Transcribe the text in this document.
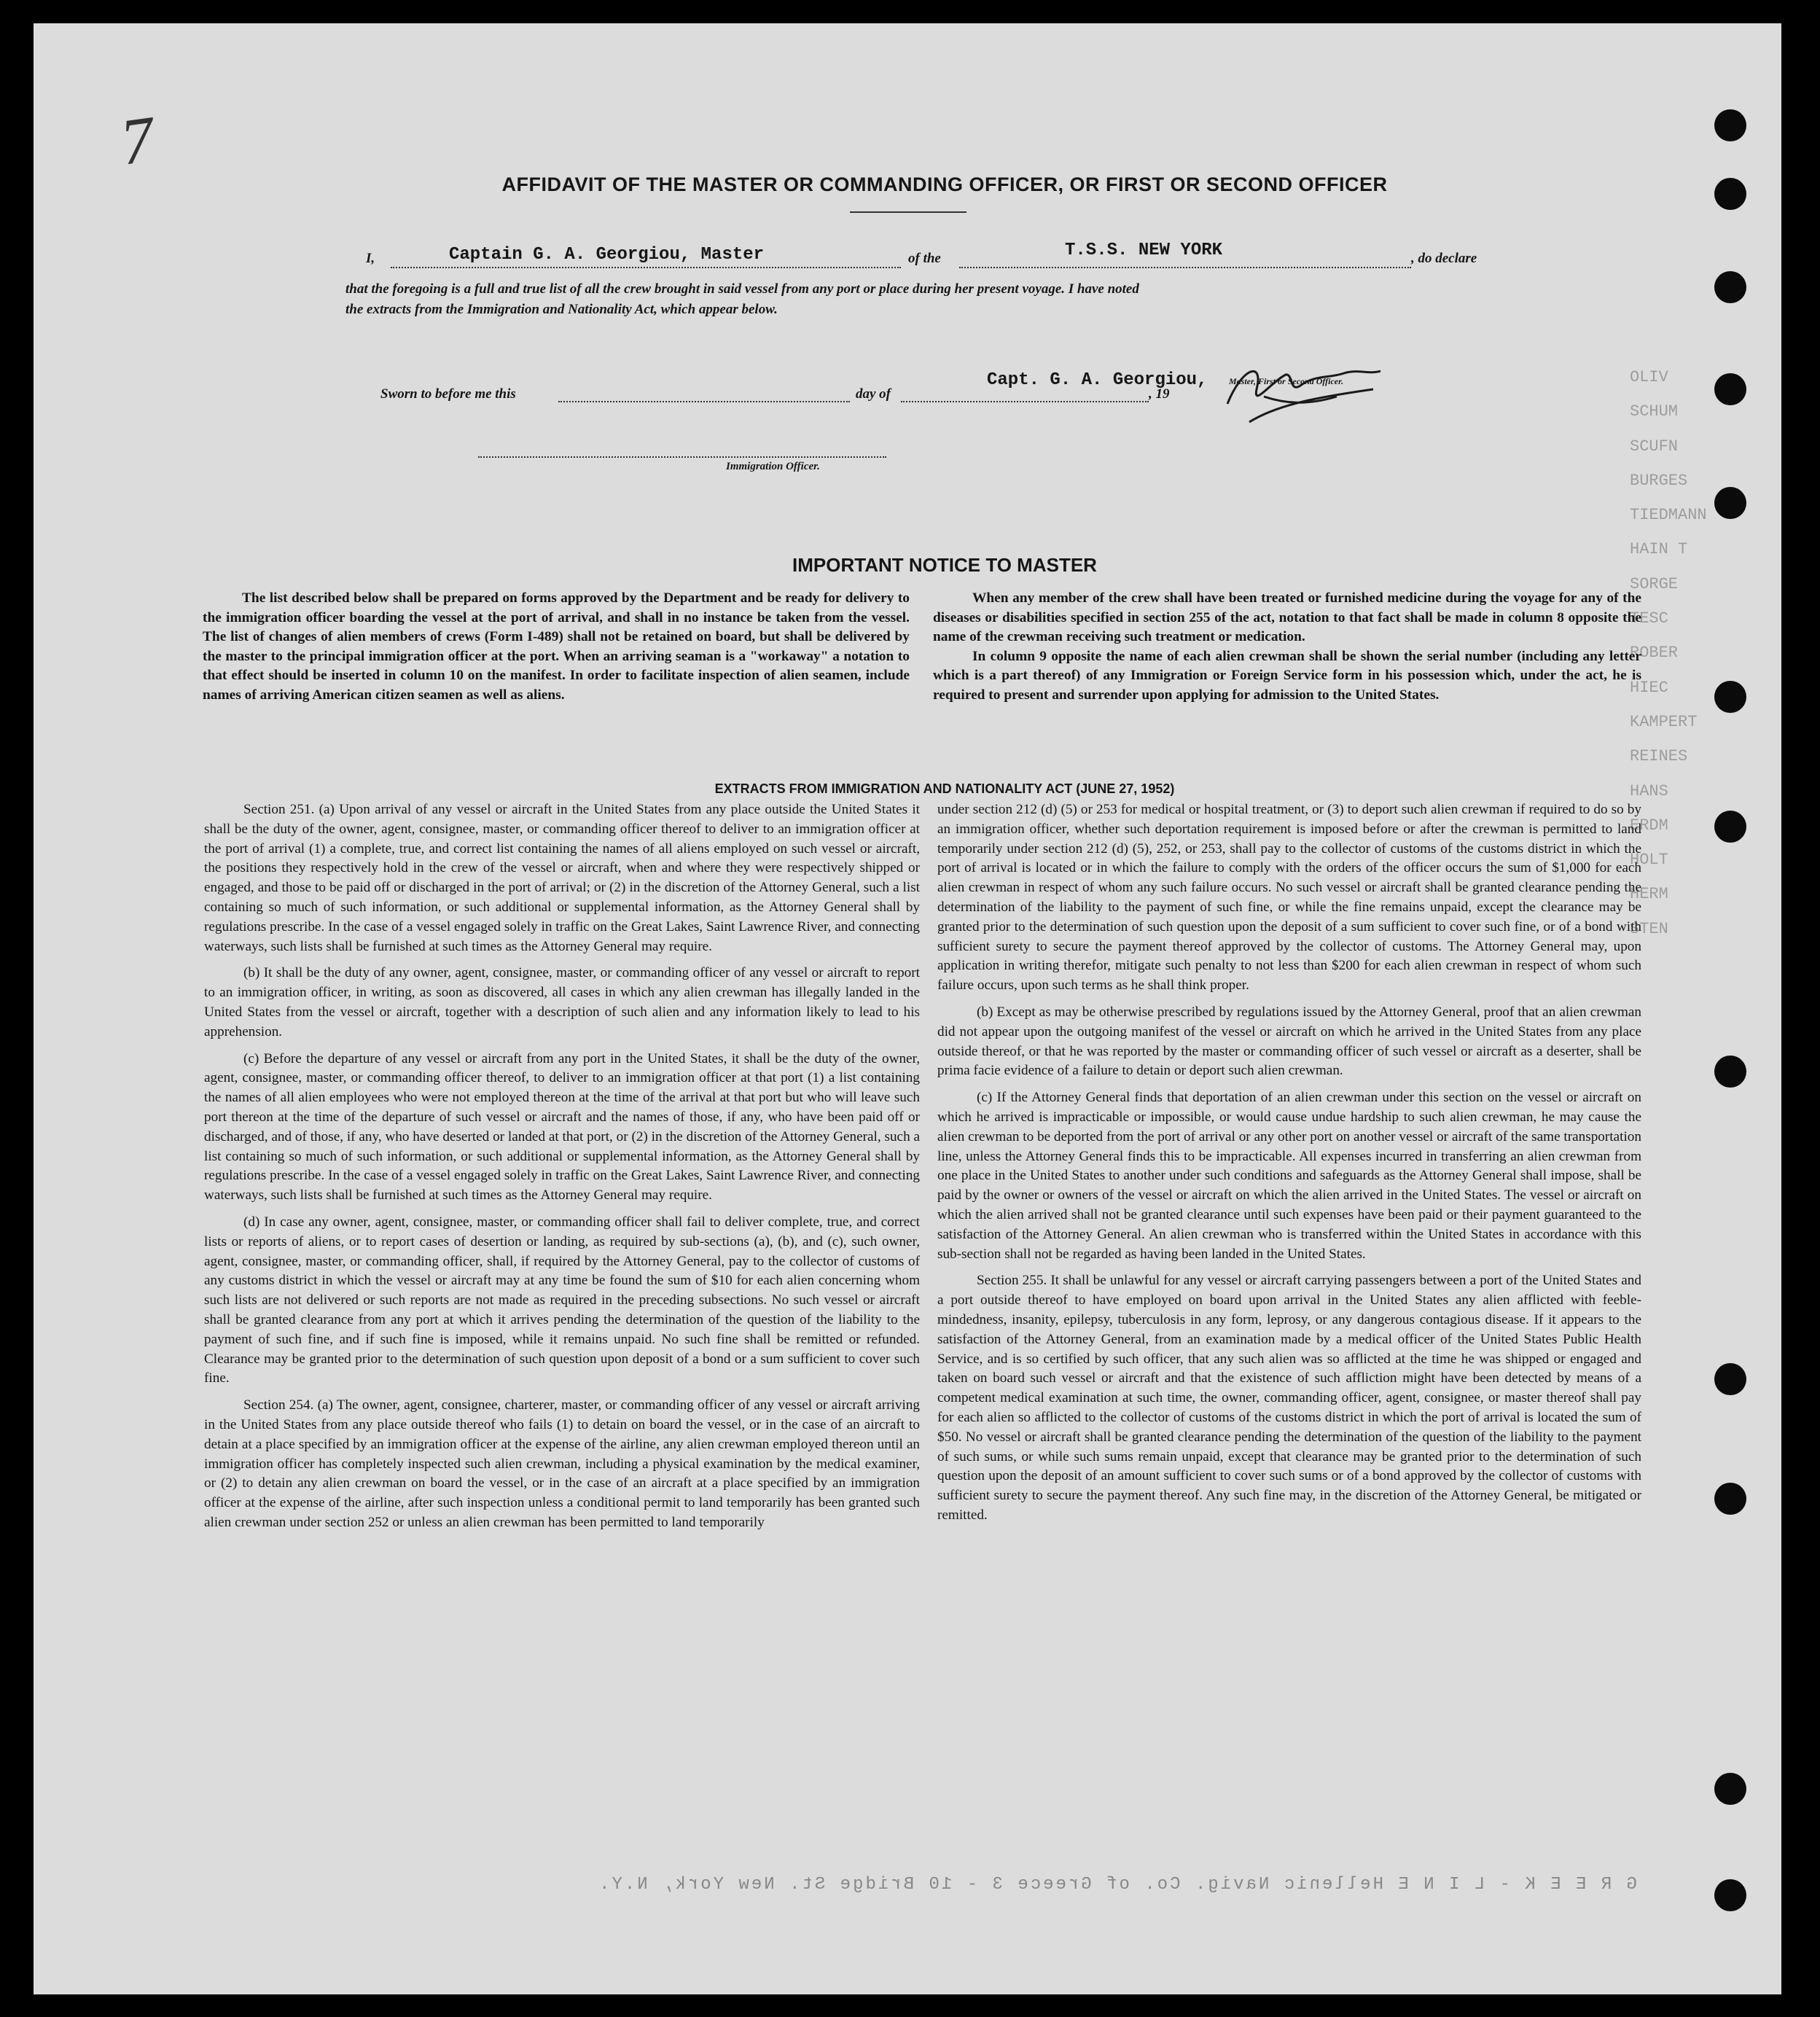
7
OLIV
SCHUM
SCUFN
BURGES
TIEDMANN
HAIN T
SORGE
TESC
ROBER
HIEC
KAMPERT
REINES
HANS
ERDM
HOLT
HERM
STEN
AFFIDAVIT OF THE MASTER OR COMMANDING OFFICER, OR FIRST OR SECOND OFFICER
I,	Captain G. A. Georgiou, Master	of the	T.S.S. NEW YORK	, do declare
that the foregoing is a full and true list of all the crew brought in said vessel from any port or place during her present voyage. I have noted
the extracts from the Immigration and Nationality Act, which appear below.
Sworn to before me this	day of	, 19
Capt. G. A. Georgiou, Master, First or Second Officer.
Immigration Officer.
IMPORTANT NOTICE TO MASTER

The list described below shall be prepared on forms approved by the Department and be ready for delivery to the immigration officer boarding the vessel at the port of arrival, and shall in no instance be taken from the vessel. The list of changes of alien members of crews (Form I-489) shall not be retained on board, but shall be delivered by the master to the principal immigration officer at the port. When an arriving seaman is a "workaway" a notation to that effect should be inserted in column 10 on the manifest. In order to facilitate inspection of alien seamen, include names of arriving American citizen seamen as well as aliens.

When any member of the crew shall have been treated or furnished medicine during the voyage for any of the diseases or disabilities specified in section 255 of the act, notation to that fact shall be made in column 8 opposite the name of the crewman receiving such treatment or medication.

In column 9 opposite the name of each alien crewman shall be shown the serial number (including any letter which is a part thereof) of any Immigration or Foreign Service form in his possession which, under the act, he is required to present and surrender upon applying for admission to the United States.

EXTRACTS FROM IMMIGRATION AND NATIONALITY ACT (JUNE 27, 1952)

Section 251. (a) Upon arrival of any vessel or aircraft in the United States from any place outside the United States it shall be the duty of the owner, agent, consignee, master, or commanding officer thereof to deliver to an immigration officer at the port of arrival (1) a complete, true, and correct list containing the names of all aliens employed on such vessel or aircraft, the positions they respectively hold in the crew of the vessel or aircraft, when and where they were respectively shipped or engaged, and those to be paid off or discharged in the port of arrival; or (2) in the discretion of the Attorney General, such a list containing so much of such information, or such additional or supplemental information, as the Attorney General shall by regulations prescribe. In the case of a vessel engaged solely in traffic on the Great Lakes, Saint Lawrence River, and connecting waterways, such lists shall be furnished at such times as the Attorney General may require.

(b) It shall be the duty of any owner, agent, consignee, master, or commanding officer of any vessel or aircraft to report to an immigration officer, in writing, as soon as discovered, all cases in which any alien crewman has illegally landed in the United States from the vessel or aircraft, together with a description of such alien and any information likely to lead to his apprehension.

(c) Before the departure of any vessel or aircraft from any port in the United States, it shall be the duty of the owner, agent, consignee, master, or commanding officer thereof, to deliver to an immigration officer at that port (1) a list containing the names of all alien employees who were not employed thereon at the time of the arrival at that port but who will leave such port thereon at the time of the departure of such vessel or aircraft and the names of those, if any, who have been paid off or discharged, and of those, if any, who have deserted or landed at that port, or (2) in the discretion of the Attorney General, such a list containing so much of such information, or such additional or supplemental information, as the Attorney General shall by regulations prescribe. In the case of a vessel engaged solely in traffic on the Great Lakes, Saint Lawrence River, and connecting waterways, such lists shall be furnished at such times as the Attorney General may require.

(d) In case any owner, agent, consignee, master, or commanding officer shall fail to deliver complete, true, and correct lists or reports of aliens, or to report cases of desertion or landing, as required by sub-sections (a), (b), and (c), such owner, agent, consignee, master, or commanding officer, shall, if required by the Attorney General, pay to the collector of customs of any customs district in which the vessel or aircraft may at any time be found the sum of $10 for each alien concerning whom such lists are not delivered or such reports are not made as required in the preceding subsections. No such vessel or aircraft shall be granted clearance from any port at which it arrives pending the determination of the question of the liability to the payment of such fine, and if such fine is imposed, while it remains unpaid. No such fine shall be remitted or refunded. Clearance may be granted prior to the determination of such question upon deposit of a bond or a sum sufficient to cover such fine.

Section 254. (a) The owner, agent, consignee, charterer, master, or commanding officer of any vessel or aircraft arriving in the United States from any place outside thereof who fails (1) to detain on board the vessel, or in the case of an aircraft to detain at a place specified by an immigration officer at the expense of the airline, any alien crewman employed thereon until an immigration officer has completely inspected such alien crewman, including a physical examination by the medical examiner, or (2) to detain any alien crewman on board the vessel, or in the case of an aircraft at a place specified by an immigration officer at the expense of the airline, after such inspection unless a conditional permit to land temporarily has been granted such alien crewman under section 252 or unless an alien crewman has been permitted to land temporarily

under section 212 (d) (5) or 253 for medical or hospital treatment, or (3) to deport such alien crewman if required to do so by an immigration officer, whether such deportation requirement is imposed before or after the crewman is permitted to land temporarily under section 212 (d) (5), 252, or 253, shall pay to the collector of customs of the customs district in which the port of arrival is located or in which the failure to comply with the orders of the officer occurs the sum of $1,000 for each alien crewman in respect of whom any such failure occurs. No such vessel or aircraft shall be granted clearance pending the determination of the liability to the payment of such fine, or while the fine remains unpaid, except the clearance may be granted prior to the determination of such question upon the deposit of a sum sufficient to cover such fine, or of a bond with sufficient surety to secure the payment thereof approved by the collector of customs. The Attorney General may, upon application in writing therefor, mitigate such penalty to not less than $200 for each alien crewman in respect of whom such failure occurs, upon such terms as he shall think proper.

(b) Except as may be otherwise prescribed by regulations issued by the Attorney General, proof that an alien crewman did not appear upon the outgoing manifest of the vessel or aircraft on which he arrived in the United States from any place outside thereof, or that he was reported by the master or commanding officer of such vessel or aircraft as a deserter, shall be prima facie evidence of a failure to detain or deport such alien crewman.

(c) If the Attorney General finds that deportation of an alien crewman under this section on the vessel or aircraft on which he arrived is impracticable or impossible, or would cause undue hardship to such alien crewman, he may cause the alien crewman to be deported from the port of arrival or any other port on another vessel or aircraft of the same transportation line, unless the Attorney General finds this to be impracticable. All expenses incurred in transferring an alien crewman from one place in the United States to another under such conditions and safeguards as the Attorney General shall impose, shall be paid by the owner or owners of the vessel or aircraft on which the alien arrived in the United States. The vessel or aircraft on which the alien arrived shall not be granted clearance until such expenses have been paid or their payment guaranteed to the satisfaction of the Attorney General. An alien crewman who is transferred within the United States in accordance with this sub-section shall not be regarded as having been landed in the United States.

Section 255. It shall be unlawful for any vessel or aircraft carrying passengers between a port of the United States and a port outside thereof to have employed on board upon arrival in the United States any alien afflicted with feeble-mindedness, insanity, epilepsy, tuberculosis in any form, leprosy, or any dangerous contagious disease. If it appears to the satisfaction of the Attorney General, from an examination made by a medical officer of the United States Public Health Service, and is so certified by such officer, that any such alien was so afflicted at the time he was shipped or engaged and taken on board such vessel or aircraft and that the existence of such affliction might have been detected by means of a competent medical examination at such time, the owner, commanding officer, agent, consignee, or master thereof shall pay for each alien so afflicted to the collector of customs of the customs district in which the port of arrival is located the sum of $50. No vessel or aircraft shall be granted clearance pending the determination of the question of the liability to the payment of such sums, or while such sums remain unpaid, except that clearance may be granted prior to the determination of such question upon the deposit of an amount sufficient to cover such sums or of a bond approved by the collector of customs with sufficient surety to secure the payment thereof. Any such fine may, in the discretion of the Attorney General, be mitigated or remitted.

G R E E K - L I N E Hellenic Navig. Co. of Greece 3 - 10 Bridge St. New York, N.Y.
